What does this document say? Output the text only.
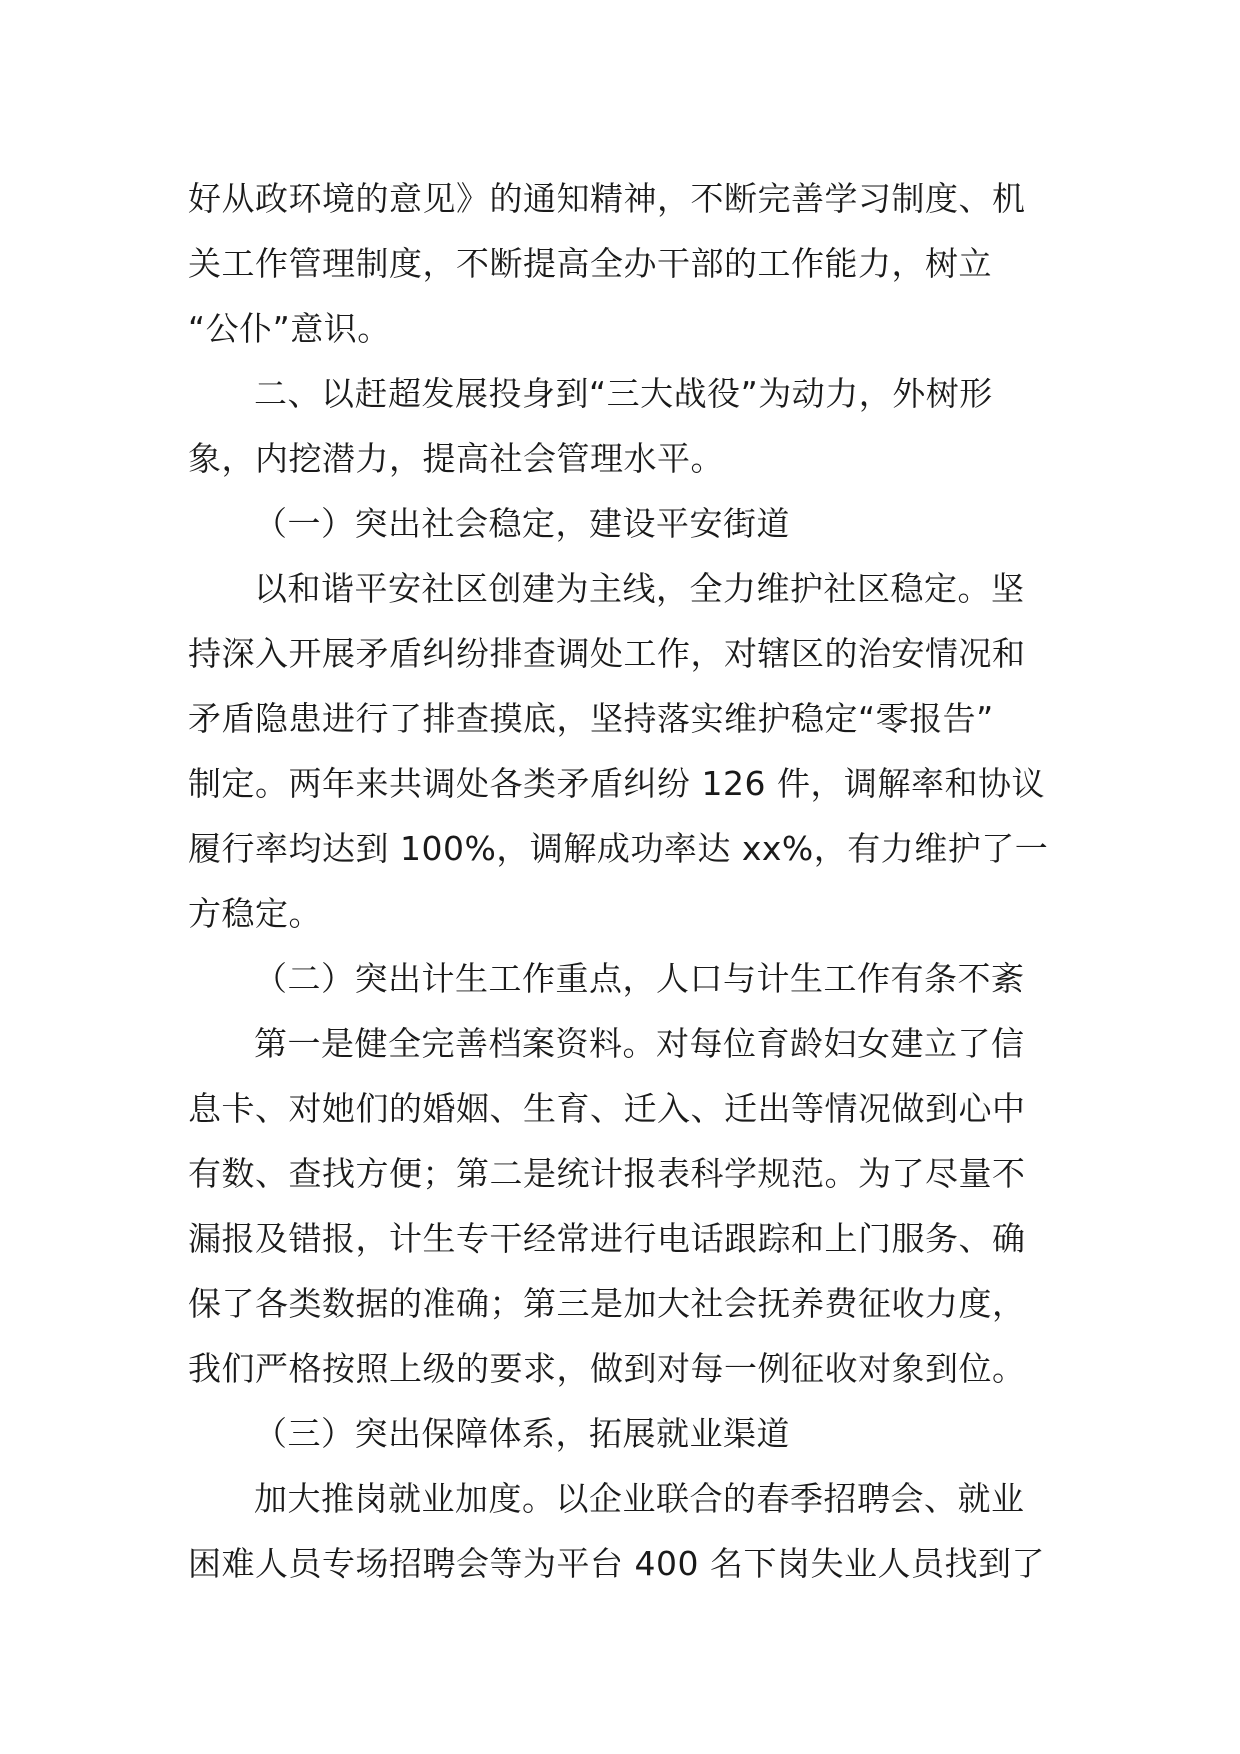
好从政环境的意见》的通知精神，不断完善学习制度、机
关工作管理制度，不断提高全办干部的工作能力，树立
“公仆”意识。

二、以赶超发展投身到“三大战役”为动力，外树形
象，内挖潜力，提高社会管理水平。

（一）突出社会稳定，建设平安街道

以和谐平安社区创建为主线，全力维护社区稳定。坚
持深入开展矛盾纠纷排查调处工作，对辖区的治安情况和
矛盾隐患进行了排查摸底，坚持落实维护稳定“零报告”
制定。两年来共调处各类矛盾纠纷 126 件，调解率和协议
履行率均达到 100%，调解成功率达 xx%，有力维护了一
方稳定。

（二）突出计生工作重点，人口与计生工作有条不紊

第一是健全完善档案资料。对每位育龄妇女建立了信
息卡、对她们的婚姻、生育、迁入、迁出等情况做到心中
有数、查找方便；第二是统计报表科学规范。为了尽量不
漏报及错报，计生专干经常进行电话跟踪和上门服务、确
保了各类数据的准确；第三是加大社会抚养费征收力度，
我们严格按照上级的要求，做到对每一例征收对象到位。

（三）突出保障体系，拓展就业渠道

加大推岗就业加度。以企业联合的春季招聘会、就业
困难人员专场招聘会等为平台 400 名下岗失业人员找到了
